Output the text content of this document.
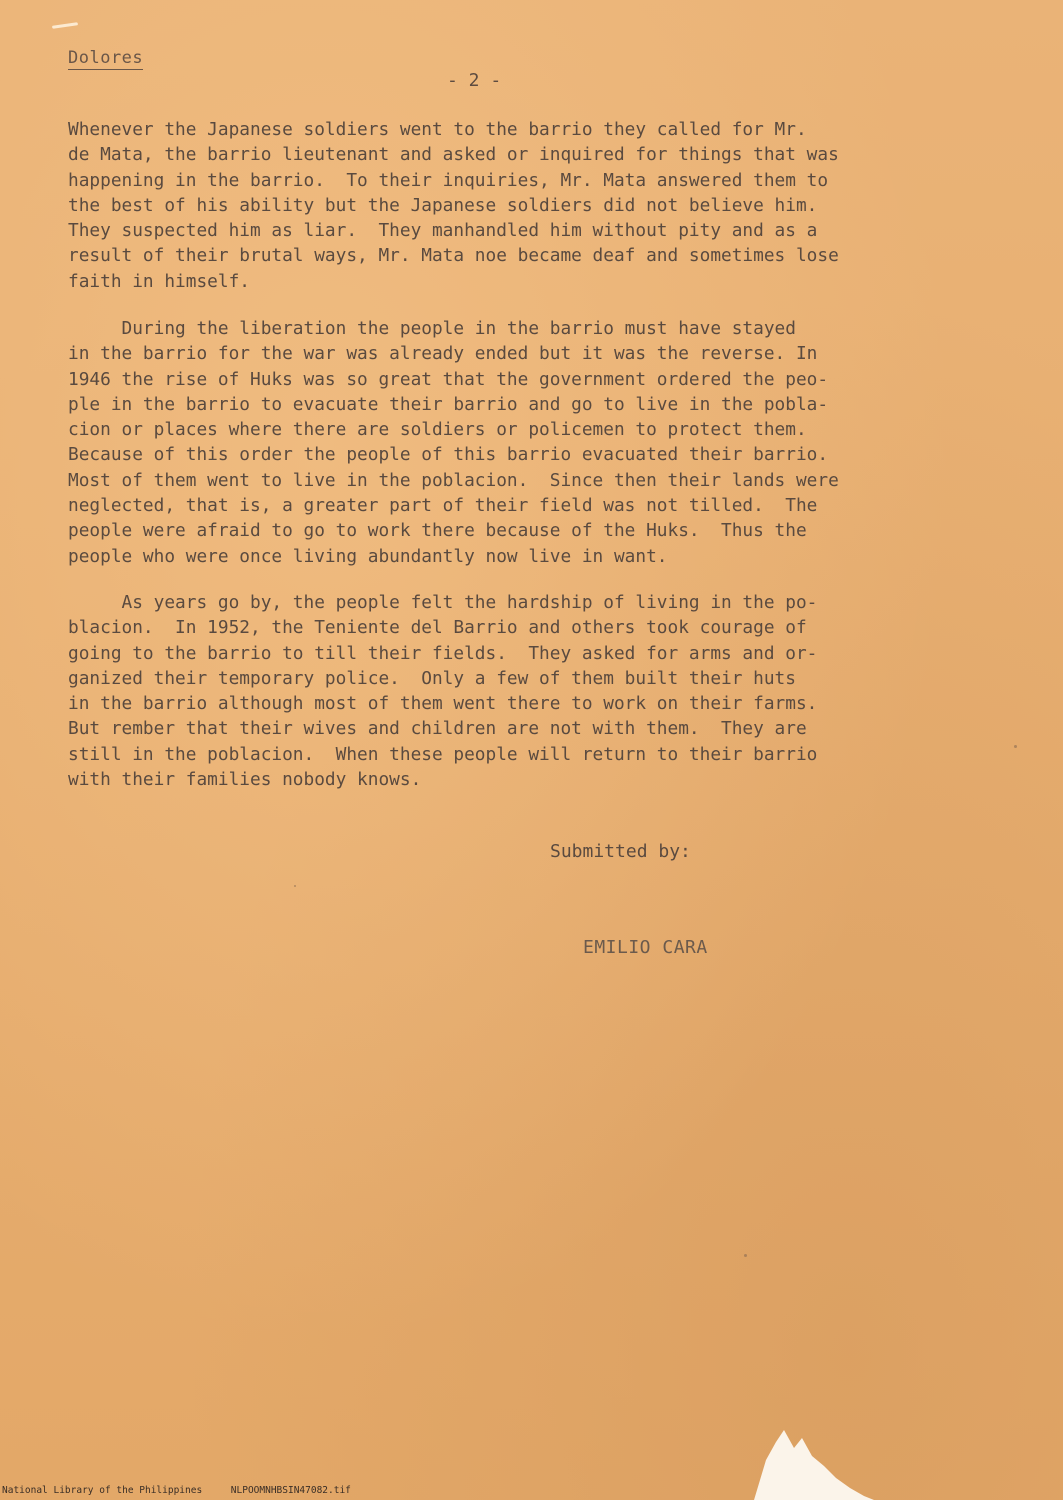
Dolores
- 2 -

Whenever the Japanese soldiers went to the barrio they called for Mr.
de Mata, the barrio lieutenant and asked or inquired for things that was
happening in the barrio.  To their inquiries, Mr. Mata answered them to
the best of his ability but the Japanese soldiers did not believe him.
They suspected him as liar.  They manhandled him without pity and as a
result of their brutal ways, Mr. Mata noe became deaf and sometimes lose
faith in himself.

During the liberation the people in the barrio must have stayed
in the barrio for the war was already ended but it was the reverse. In
1946 the rise of Huks was so great that the government ordered the peo-
ple in the barrio to evacuate their barrio and go to live in the pobla-
cion or places where there are soldiers or policemen to protect them.
Because of this order the people of this barrio evacuated their barrio.
Most of them went to live in the poblacion.  Since then their lands were
neglected, that is, a greater part of their field was not tilled.  The
people were afraid to go to work there because of the Huks.  Thus the
people who were once living abundantly now live in want.

As years go by, the people felt the hardship of living in the po-
blacion.  In 1952, the Teniente del Barrio and others took courage of
going to the barrio to till their fields.  They asked for arms and or-
ganized their temporary police.  Only a few of them built their huts
in the barrio although most of them went there to work on their farms.
But rember that their wives and children are not with them.  They are
still in the poblacion.  When these people will return to their barrio
with their families nobody knows.

Submitted by:

EMILIO CARA

National Library of the Philippines     NLPOOMNHBSIN47082.tif
